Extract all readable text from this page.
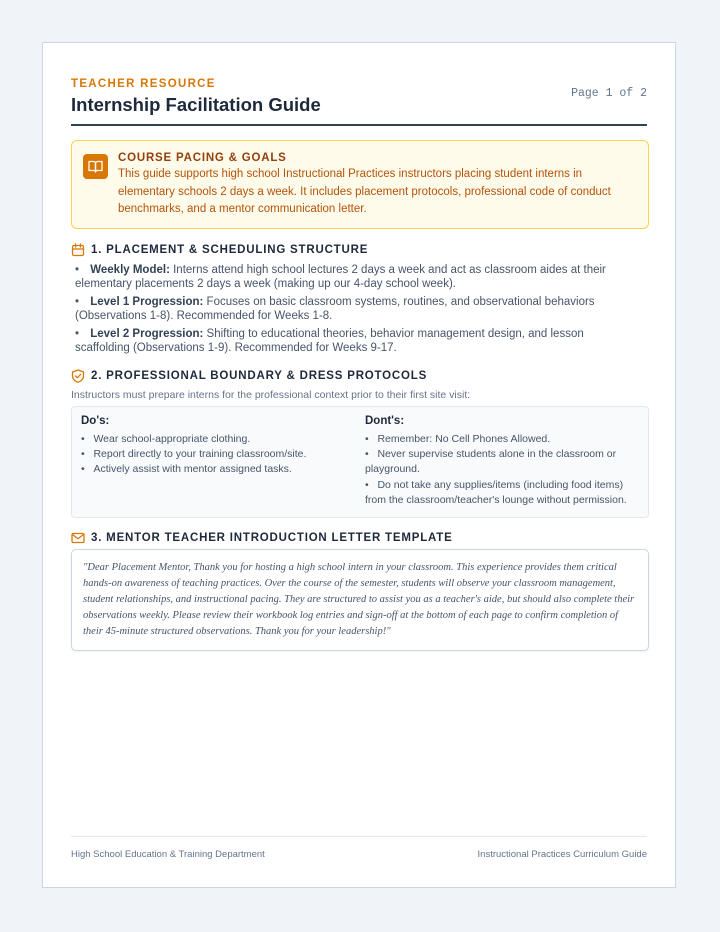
TEACHER RESOURCE
Internship Facilitation Guide
Page 1 of 2
COURSE PACING & GOALS
This guide supports high school Instructional Practices instructors placing student interns in elementary schools 2 days a week. It includes placement protocols, professional code of conduct benchmarks, and a mentor communication letter.
1. PLACEMENT & SCHEDULING STRUCTURE
• Weekly Model: Interns attend high school lectures 2 days a week and act as classroom aides at their elementary placements 2 days a week (making up our 4-day school week).
• Level 1 Progression: Focuses on basic classroom systems, routines, and observational behaviors (Observations 1-8). Recommended for Weeks 1-8.
• Level 2 Progression: Shifting to educational theories, behavior management design, and lesson scaffolding (Observations 1-9). Recommended for Weeks 9-17.
2. PROFESSIONAL BOUNDARY & DRESS PROTOCOLS
Instructors must prepare interns for the professional context prior to their first site visit:
Do's:
•   Wear school-appropriate clothing.
•   Report directly to your training classroom/site.
•   Actively assist with mentor assigned tasks.
Dont's:
•   Remember: No Cell Phones Allowed.
•   Never supervise students alone in the classroom or playground.
•   Do not take any supplies/items (including food items) from the classroom/teacher's lounge without permission.
3. MENTOR TEACHER INTRODUCTION LETTER TEMPLATE

"Dear Placement Mentor, Thank you for hosting a high school intern in your classroom. This experience provides them critical hands-on awareness of teaching practices. Over the course of the semester, students will observe your classroom management, student relationships, and instructional pacing. They are structured to assist you as a teacher's aide, but should also complete their observations weekly. Please review their workbook log entries and sign-off at the bottom of each page to confirm completion of their 45-minute structured observations. Thank you for your leadership!"

High School Education & Training Department	Instructional Practices Curriculum Guide
